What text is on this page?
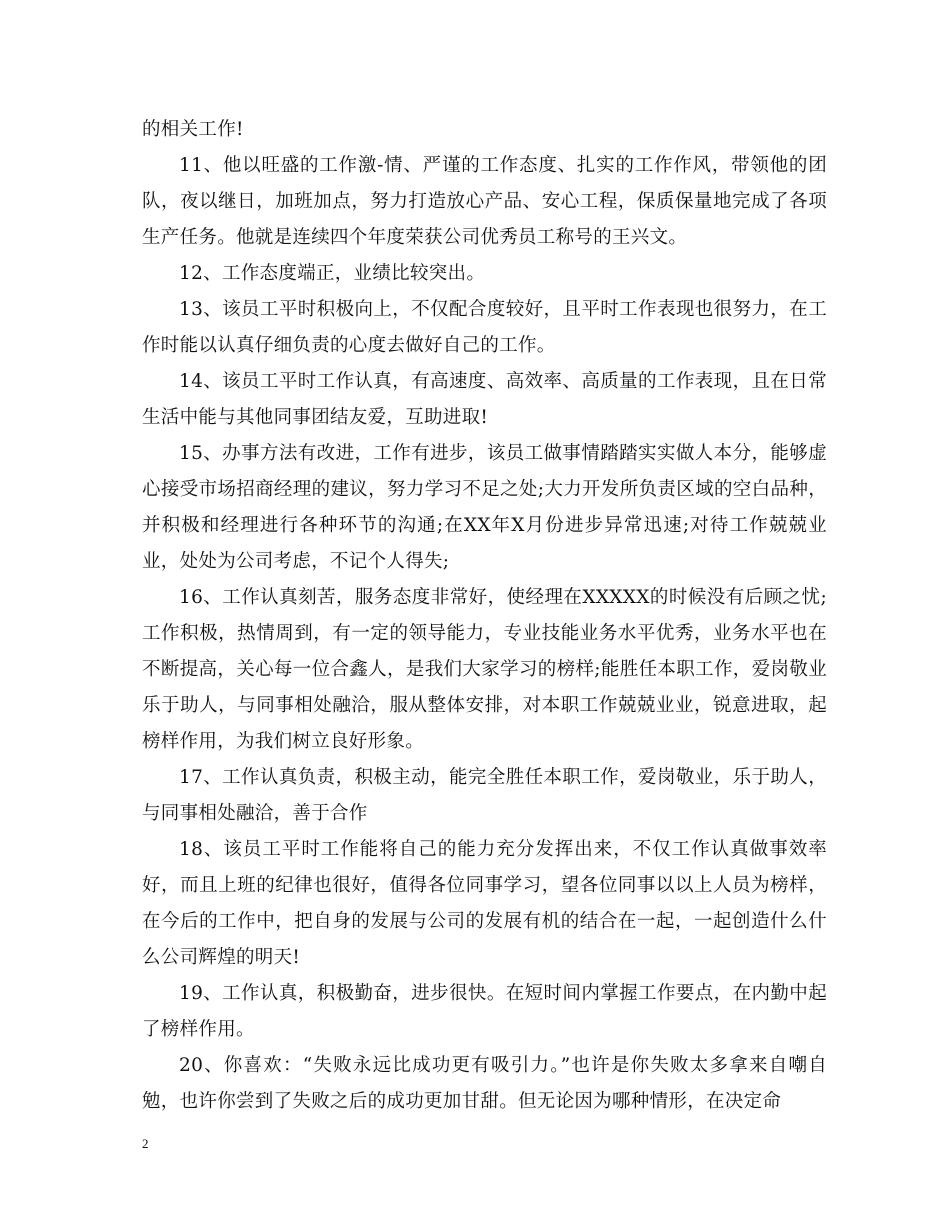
的相关工作!

11、他以旺盛的工作激-情、严谨的工作态度、扎实的工作作风，带领他的团队，夜以继日，加班加点，努力打造放心产品、安心工程，保质保量地完成了各项生产任务。他就是连续四个年度荣获公司优秀员工称号的王兴文。

12、工作态度端正，业绩比较突出。

13、该员工平时积极向上，不仅配合度较好，且平时工作表现也很努力，在工作时能以认真仔细负责的心度去做好自己的工作。

14、该员工平时工作认真，有高速度、高效率、高质量的工作表现，且在日常生活中能与其他同事团结友爱，互助进取!

15、办事方法有改进，工作有进步，该员工做事情踏踏实实做人本分，能够虚心接受市场招商经理的建议，努力学习不足之处;大力开发所负责区域的空白品种，并积极和经理进行各种环节的沟通;在XX年X月份进步异常迅速;对待工作兢兢业业，处处为公司考虑，不记个人得失;

16、工作认真刻苦，服务态度非常好，使经理在XXXXX的时候没有后顾之忧;工作积极，热情周到，有一定的领导能力，专业技能业务水平优秀，业务水平也在不断提高，关心每一位合鑫人，是我们大家学习的榜样;能胜任本职工作，爱岗敬业乐于助人，与同事相处融洽，服从整体安排，对本职工作兢兢业业，锐意进取，起榜样作用，为我们树立良好形象。

17、工作认真负责，积极主动，能完全胜任本职工作，爱岗敬业，乐于助人，与同事相处融洽，善于合作

18、该员工平时工作能将自己的能力充分发挥出来，不仅工作认真做事效率好，而且上班的纪律也很好，值得各位同事学习，望各位同事以以上人员为榜样，在今后的工作中，把自身的发展与公司的发展有机的结合在一起，一起创造什么什么公司辉煌的明天!

19、工作认真，积极勤奋，进步很快。在短时间内掌握工作要点，在内勤中起了榜样作用。

20、你喜欢：“失败永远比成功更有吸引力。”也许是你失败太多拿来自嘲自勉，也许你尝到了失败之后的成功更加甘甜。但无论因为哪种情形，在决定命

2
